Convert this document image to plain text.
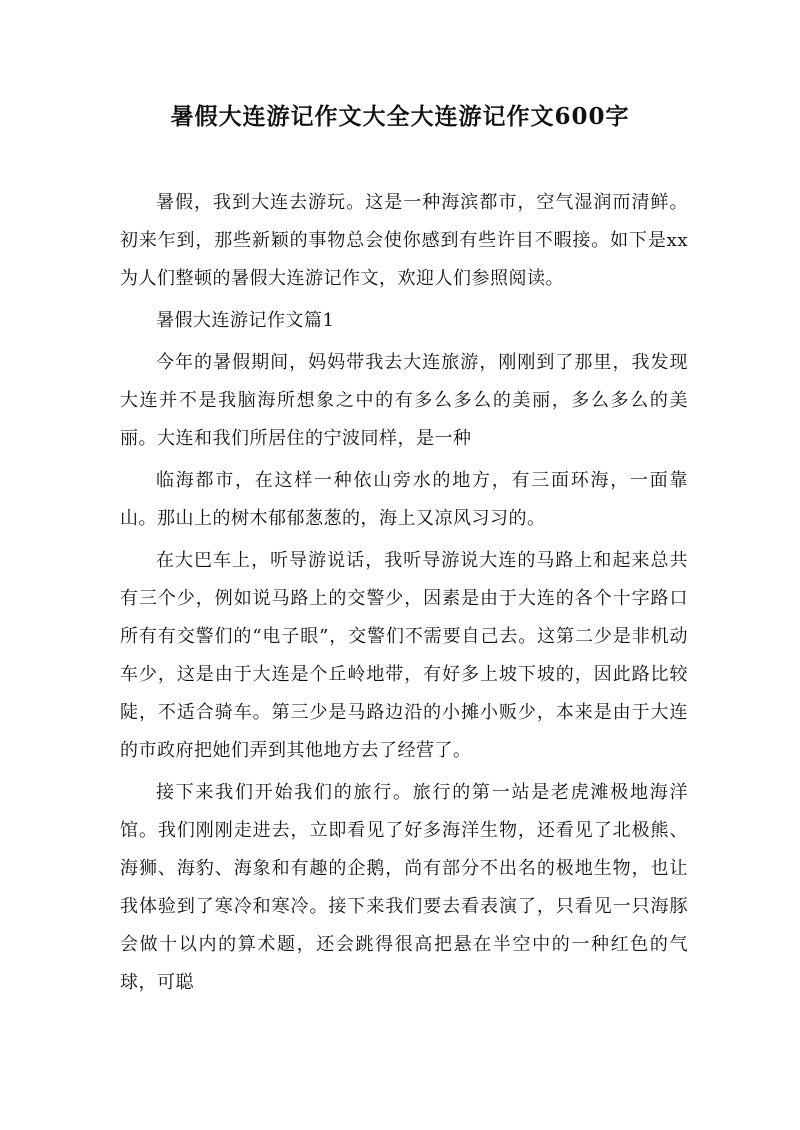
暑假大连游记作文大全大连游记作文600字

暑假，我到大连去游玩。这是一种海滨都市，空气湿润而清鲜。初来乍到，那些新颖的事物总会使你感到有些许目不暇接。如下是xx为人们整顿的暑假大连游记作文，欢迎人们参照阅读。

暑假大连游记作文篇1

今年的暑假期间，妈妈带我去大连旅游，刚刚到了那里，我发现大连并不是我脑海所想象之中的有多么多么的美丽，多么多么的美丽。大连和我们所居住的宁波同样，是一种

临海都市，在这样一种依山旁水的地方，有三面环海，一面靠山。那山上的树木郁郁葱葱的，海上又凉风习习的。

在大巴车上，听导游说话，我听导游说大连的马路上和起来总共有三个少，例如说马路上的交警少，因素是由于大连的各个十字路口所有有交警们的“电子眼”，交警们不需要自己去。这第二少是非机动车少，这是由于大连是个丘岭地带，有好多上坡下坡的，因此路比较陡，不适合骑车。第三少是马路边沿的小摊小贩少，本来是由于大连的市政府把她们弄到其他地方去了经营了。

接下来我们开始我们的旅行。旅行的第一站是老虎滩极地海洋馆。我们刚刚走进去，立即看见了好多海洋生物，还看见了北极熊、海狮、海豹、海象和有趣的企鹅，尚有部分不出名的极地生物，也让我体验到了寒冷和寒冷。接下来我们要去看表演了，只看见一只海豚会做十以内的算术题，还会跳得很高把悬在半空中的一种红色的气球，可聪
